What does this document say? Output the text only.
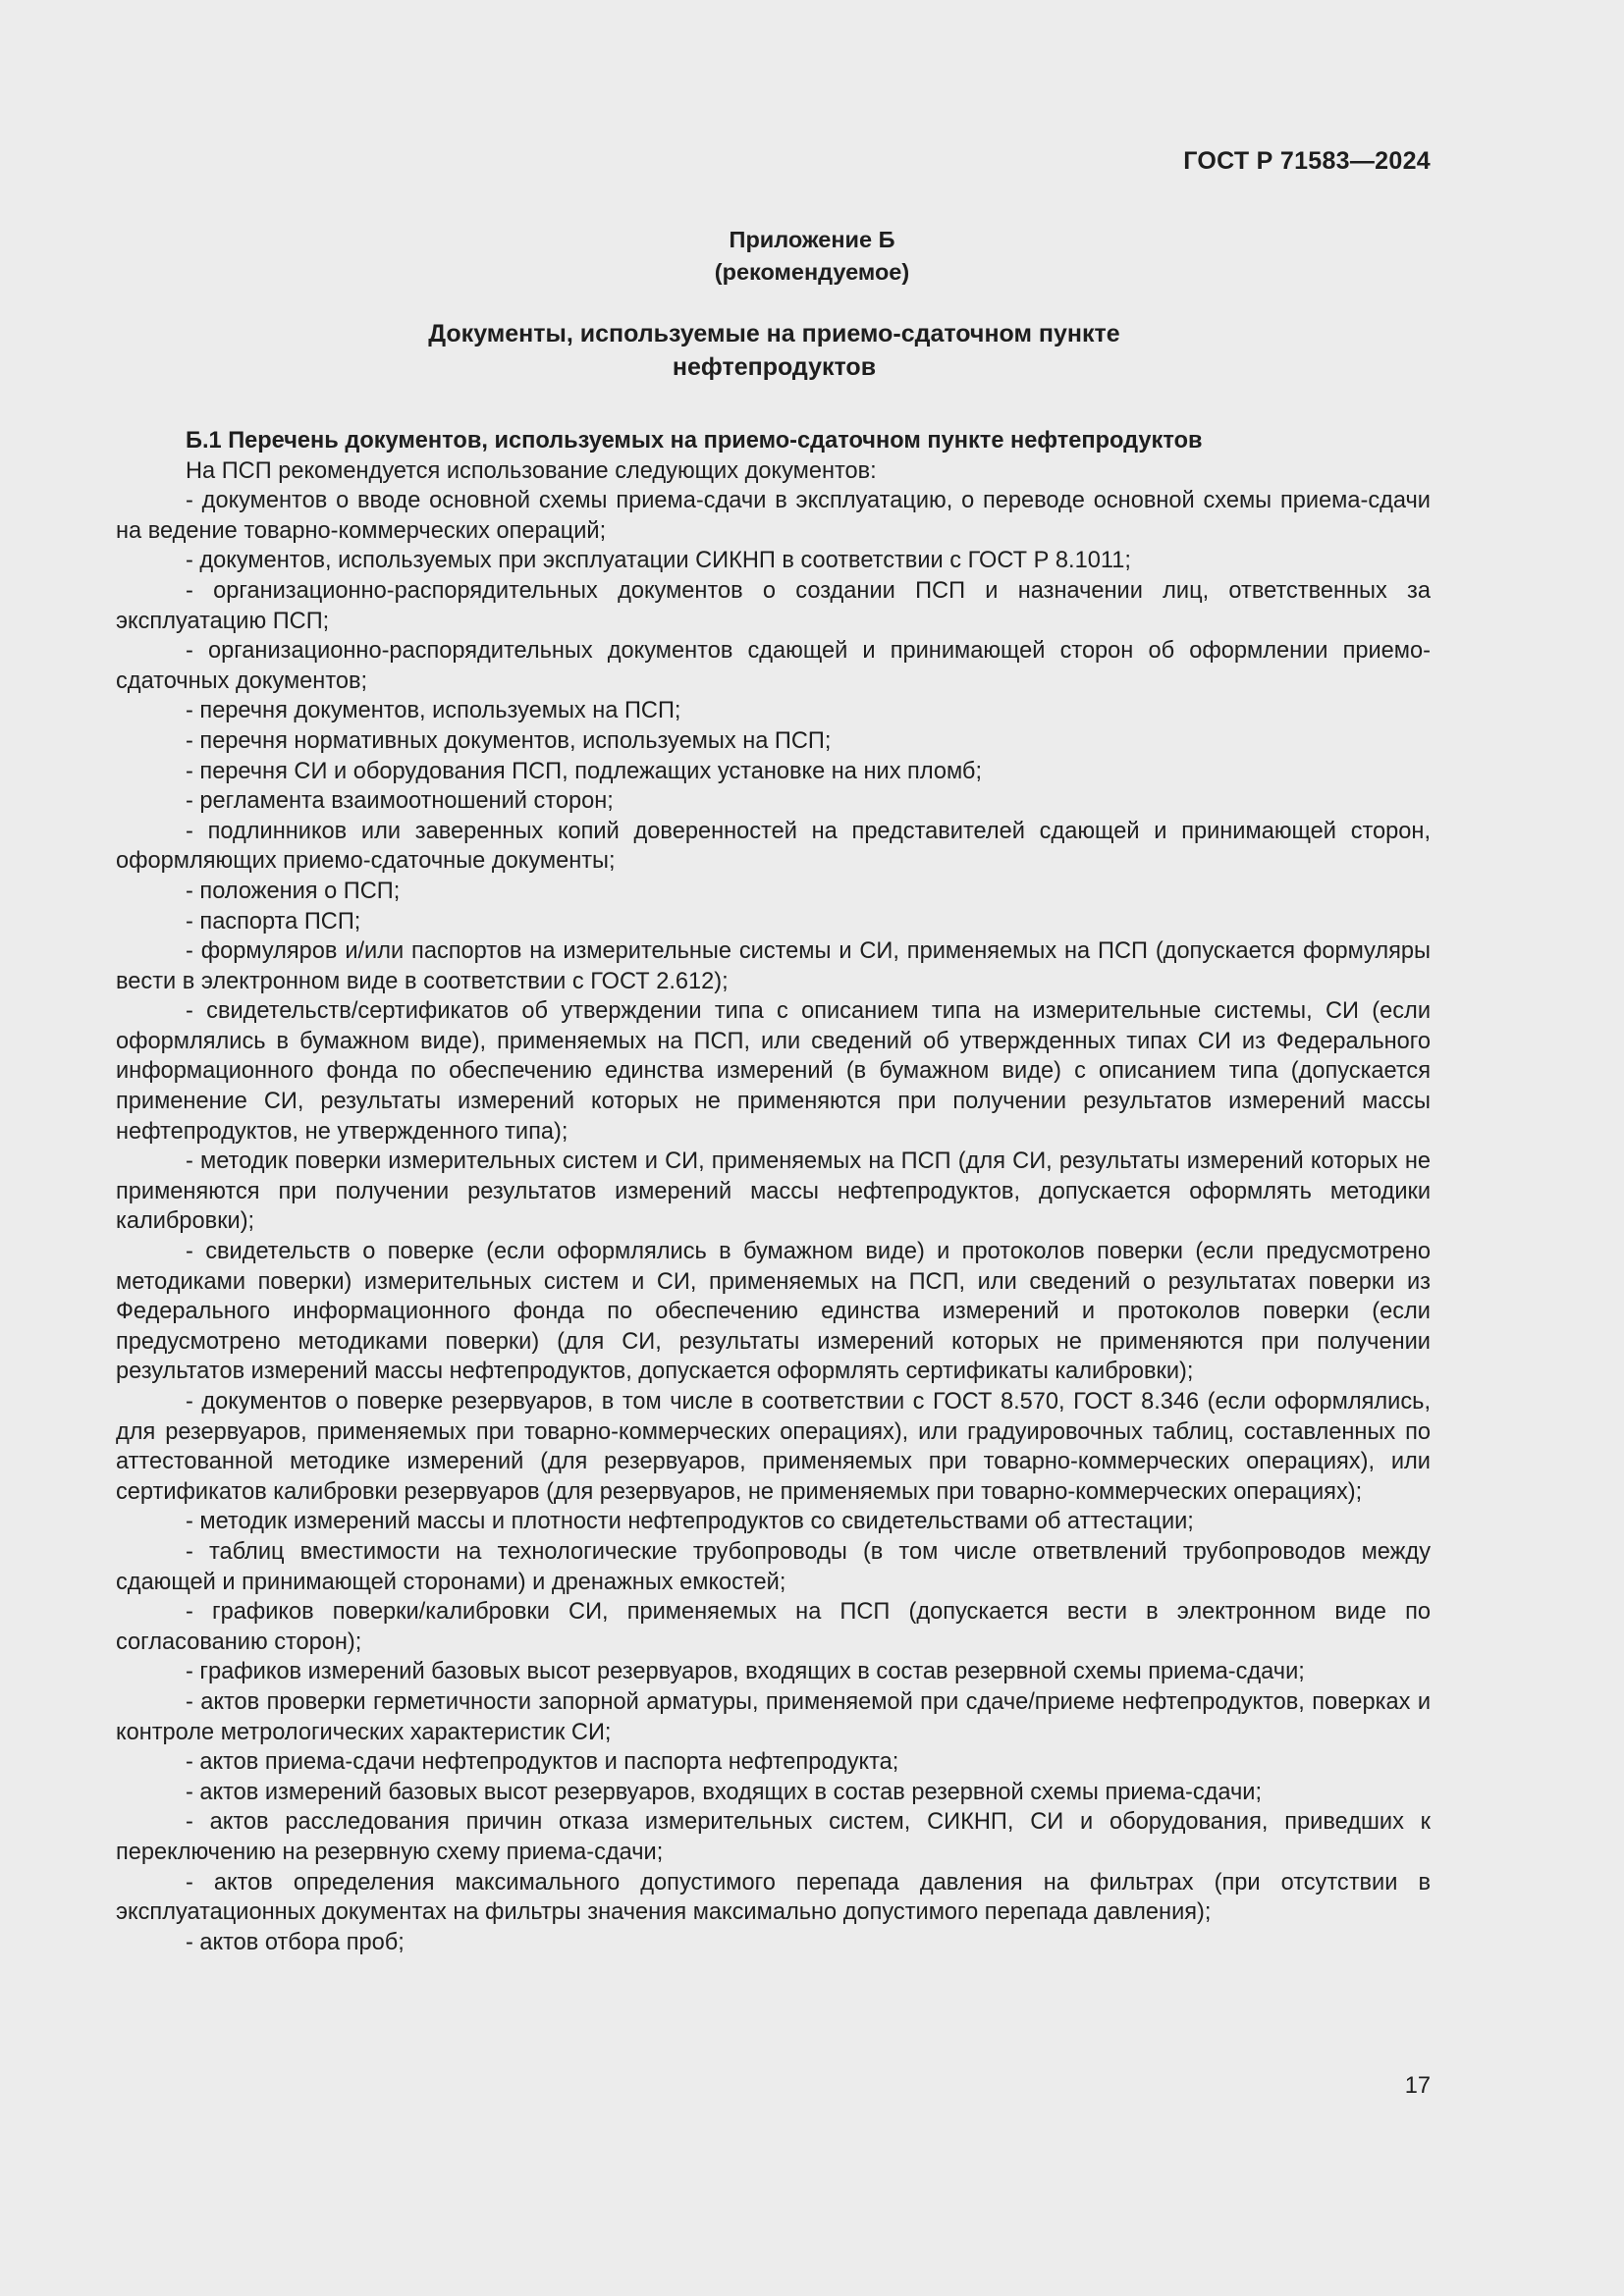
ГОСТ Р 71583—2024
Приложение Б
(рекомендуемое)
Документы, используемые на приемо-сдаточном пункте
нефтепродуктов

Б.1 Перечень документов, используемых на приемо-сдаточном пункте нефтепродуктов

На ПСП рекомендуется использование следующих документов:

- документов о вводе основной схемы приема-сдачи в эксплуатацию, о переводе основной схемы приема-сдачи на ведение товарно-коммерческих операций;

- документов, используемых при эксплуатации СИКНП в соответствии с ГОСТ Р 8.1011;

- организационно-распорядительных документов о создании ПСП и назначении лиц, ответственных за эксплуатацию ПСП;

- организационно-распорядительных документов сдающей и принимающей сторон об оформлении приемо-сдаточных документов;

- перечня документов, используемых на ПСП;

- перечня нормативных документов, используемых на ПСП;

- перечня СИ и оборудования ПСП, подлежащих установке на них пломб;

- регламента взаимоотношений сторон;

- подлинников или заверенных копий доверенностей на представителей сдающей и принимающей сторон, оформляющих приемо-сдаточные документы;

- положения о ПСП;

- паспорта ПСП;

- формуляров и/или паспортов на измерительные системы и СИ, применяемых на ПСП (допускается формуляры вести в электронном виде в соответствии с ГОСТ 2.612);

- свидетельств/сертификатов об утверждении типа с описанием типа на измерительные системы, СИ (если оформлялись в бумажном виде), применяемых на ПСП, или сведений об утвержденных типах СИ из Федерального информационного фонда по обеспечению единства измерений (в бумажном виде) с описанием типа (допускается применение СИ, результаты измерений которых не применяются при получении результатов измерений массы нефтепродуктов, не утвержденного типа);

- методик поверки измерительных систем и СИ, применяемых на ПСП (для СИ, результаты измерений которых не применяются при получении результатов измерений массы нефтепродуктов, допускается оформлять методики калибровки);

- свидетельств о поверке (если оформлялись в бумажном виде) и протоколов поверки (если предусмотрено методиками поверки) измерительных систем и СИ, применяемых на ПСП, или сведений о результатах поверки из Федерального информационного фонда по обеспечению единства измерений и протоколов поверки (если предусмотрено методиками поверки) (для СИ, результаты измерений которых не применяются при получении результатов измерений массы нефтепродуктов, допускается оформлять сертификаты калибровки);

- документов о поверке резервуаров, в том числе в соответствии с ГОСТ 8.570, ГОСТ 8.346 (если оформлялись, для резервуаров, применяемых при товарно-коммерческих операциях), или градуировочных таблиц, составленных по аттестованной методике измерений (для резервуаров, применяемых при товарно-коммерческих операциях), или сертификатов калибровки резервуаров (для резервуаров, не применяемых при товарно-коммерческих операциях);

- методик измерений массы и плотности нефтепродуктов со свидетельствами об аттестации;

- таблиц вместимости на технологические трубопроводы (в том числе ответвлений трубопроводов между сдающей и принимающей сторонами) и дренажных емкостей;

- графиков поверки/калибровки СИ, применяемых на ПСП (допускается вести в электронном виде по согласованию сторон);

- графиков измерений базовых высот резервуаров, входящих в состав резервной схемы приема-сдачи;

- актов проверки герметичности запорной арматуры, применяемой при сдаче/приеме нефтепродуктов, поверках и контроле метрологических характеристик СИ;

- актов приема-сдачи нефтепродуктов и паспорта нефтепродукта;

- актов измерений базовых высот резервуаров, входящих в состав резервной схемы приема-сдачи;

- актов расследования причин отказа измерительных систем, СИКНП, СИ и оборудования, приведших к переключению на резервную схему приема-сдачи;

- актов определения максимального допустимого перепада давления на фильтрах (при отсутствии в эксплуатационных документах на фильтры значения максимально допустимого перепада давления);

- актов отбора проб;

17
